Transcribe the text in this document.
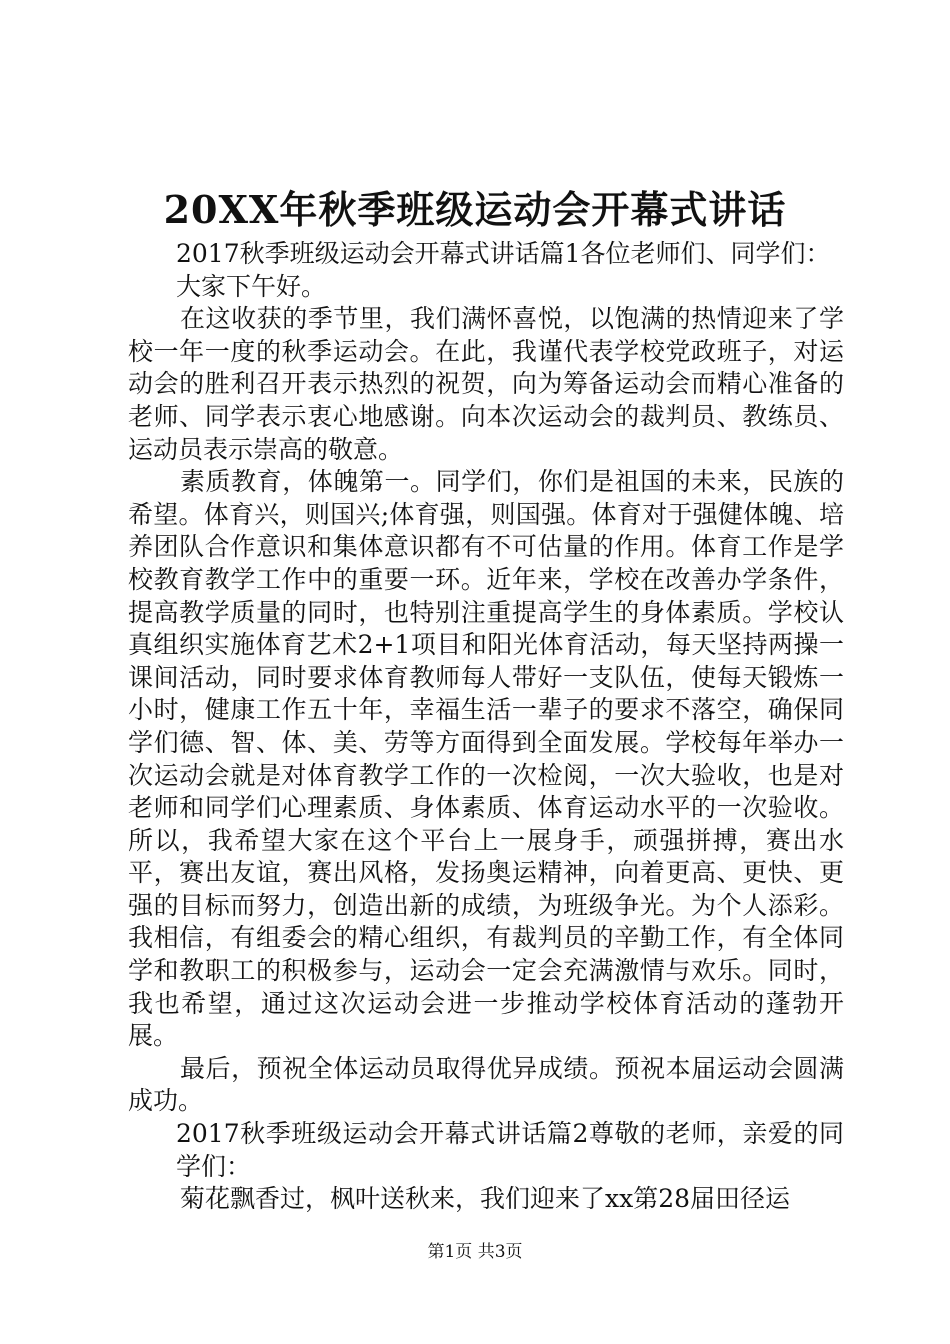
20XX年秋季班级运动会开幕式讲话

2017秋季班级运动会开幕式讲话篇1各位老师们、同学们：

大家下午好。

在这收获的季节里，我们满怀喜悦，以饱满的热情迎来了学校一年一度的秋季运动会。在此，我谨代表学校党政班子，对运动会的胜利召开表示热烈的祝贺，向为筹备运动会而精心准备的老师、同学表示衷心地感谢。向本次运动会的裁判员、教练员、运动员表示崇高的敬意。

素质教育，体魄第一。同学们，你们是祖国的未来，民族的希望。体育兴，则国兴;体育强，则国强。体育对于强健体魄、培养团队合作意识和集体意识都有不可估量的作用。体育工作是学校教育教学工作中的重要一环。近年来，学校在改善办学条件，提高教学质量的同时，也特别注重提高学生的身体素质。学校认真组织实施体育艺术2+1项目和阳光体育活动，每天坚持两操一课间活动，同时要求体育教师每人带好一支队伍，使每天锻炼一小时，健康工作五十年，幸福生活一辈子的要求不落空，确保同学们德、智、体、美、劳等方面得到全面发展。学校每年举办一次运动会就是对体育教学工作的一次检阅，一次大验收，也是对老师和同学们心理素质、身体素质、体育运动水平的一次验收。所以，我希望大家在这个平台上一展身手，顽强拼搏，赛出水平，赛出友谊，赛出风格，发扬奥运精神，向着更高、更快、更强的目标而努力，创造出新的成绩，为班级争光。为个人添彩。我相信，有组委会的精心组织，有裁判员的辛勤工作，有全体同学和教职工的积极参与，运动会一定会充满激情与欢乐。同时，我也希望，通过这次运动会进一步推动学校体育活动的蓬勃开展。

最后，预祝全体运动员取得优异成绩。预祝本届运动会圆满成功。

2017秋季班级运动会开幕式讲话篇2尊敬的老师，亲爱的同学们：

菊花飘香过，枫叶送秋来，我们迎来了xx第28届田径运

第1页 共3页
